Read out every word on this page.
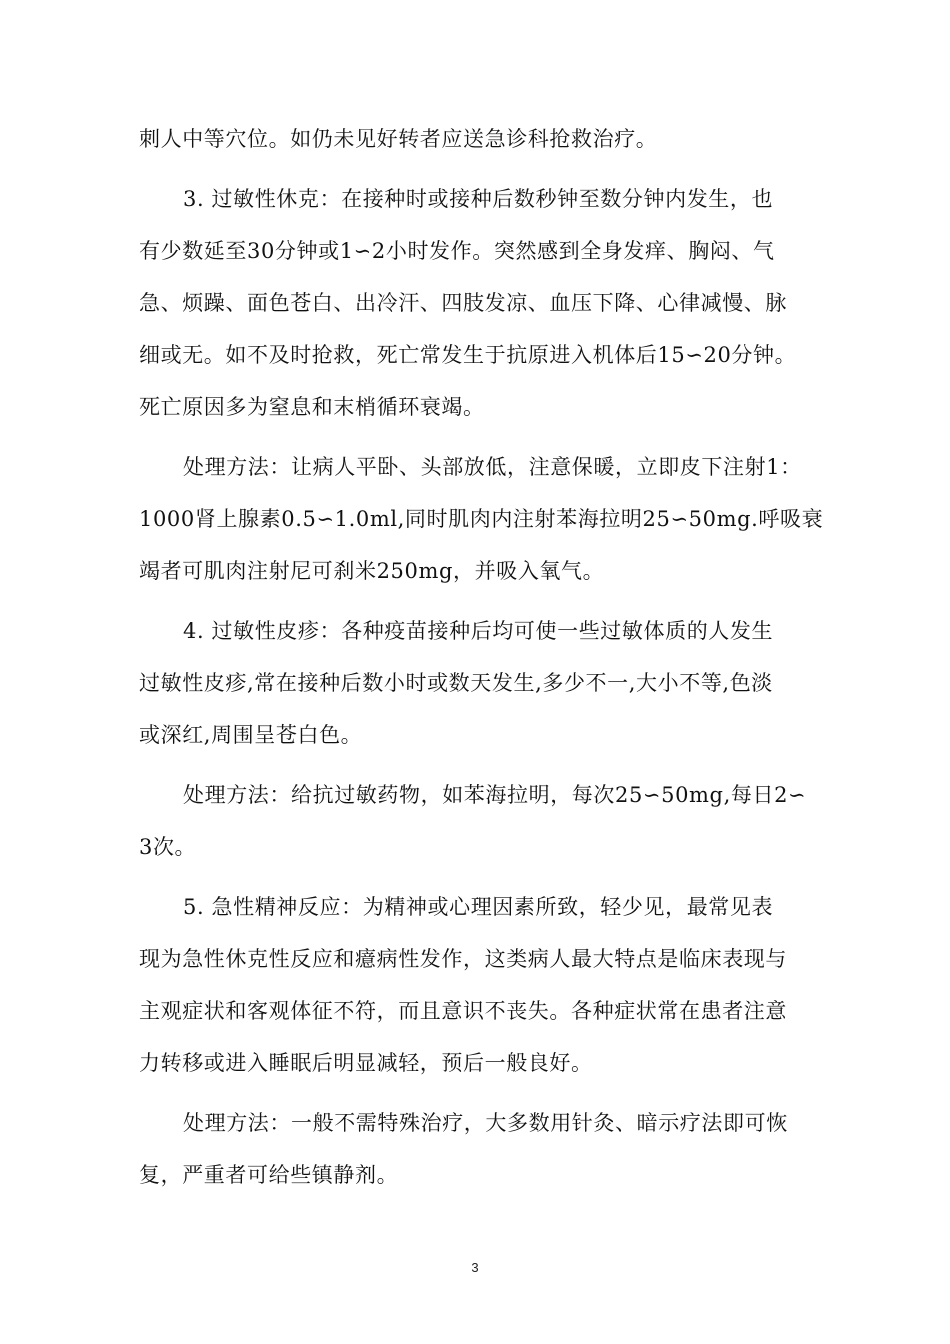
刺人中等穴位。如仍未见好转者应送急诊科抢救治疗。
3. 过敏性休克：在接种时或接种后数秒钟至数分钟内发生，也
有少数延至30分钟或1∽2小时发作。突然感到全身发痒、胸闷、气
急、烦躁、面色苍白、出冷汗、四肢发凉、血压下降、心律减慢、脉
细或无。如不及时抢救，死亡常发生于抗原进入机体后15∽20分钟。
死亡原因多为窒息和末梢循环衰竭。
处理方法：让病人平卧、头部放低，注意保暖，立即皮下注射1：
1000肾上腺素0.5∽1.0ml,同时肌肉内注射苯海拉明25∽50mg.呼吸衰
竭者可肌肉注射尼可刹米250mg，并吸入氧气。
4. 过敏性皮疹：各种疫苗接种后均可使一些过敏体质的人发生
过敏性皮疹,常在接种后数小时或数天发生,多少不一,大小不等,色淡
或深红,周围呈苍白色。
处理方法：给抗过敏药物，如苯海拉明，每次25∽50mg,每日2∽
3次。
5. 急性精神反应：为精神或心理因素所致，轻少见，最常见表
现为急性休克性反应和癔病性发作，这类病人最大特点是临床表现与
主观症状和客观体征不符，而且意识不丧失。各种症状常在患者注意
力转移或进入睡眠后明显减轻，预后一般良好。
处理方法：一般不需特殊治疗，大多数用针灸、暗示疗法即可恢
复，严重者可给些镇静剂。
3
